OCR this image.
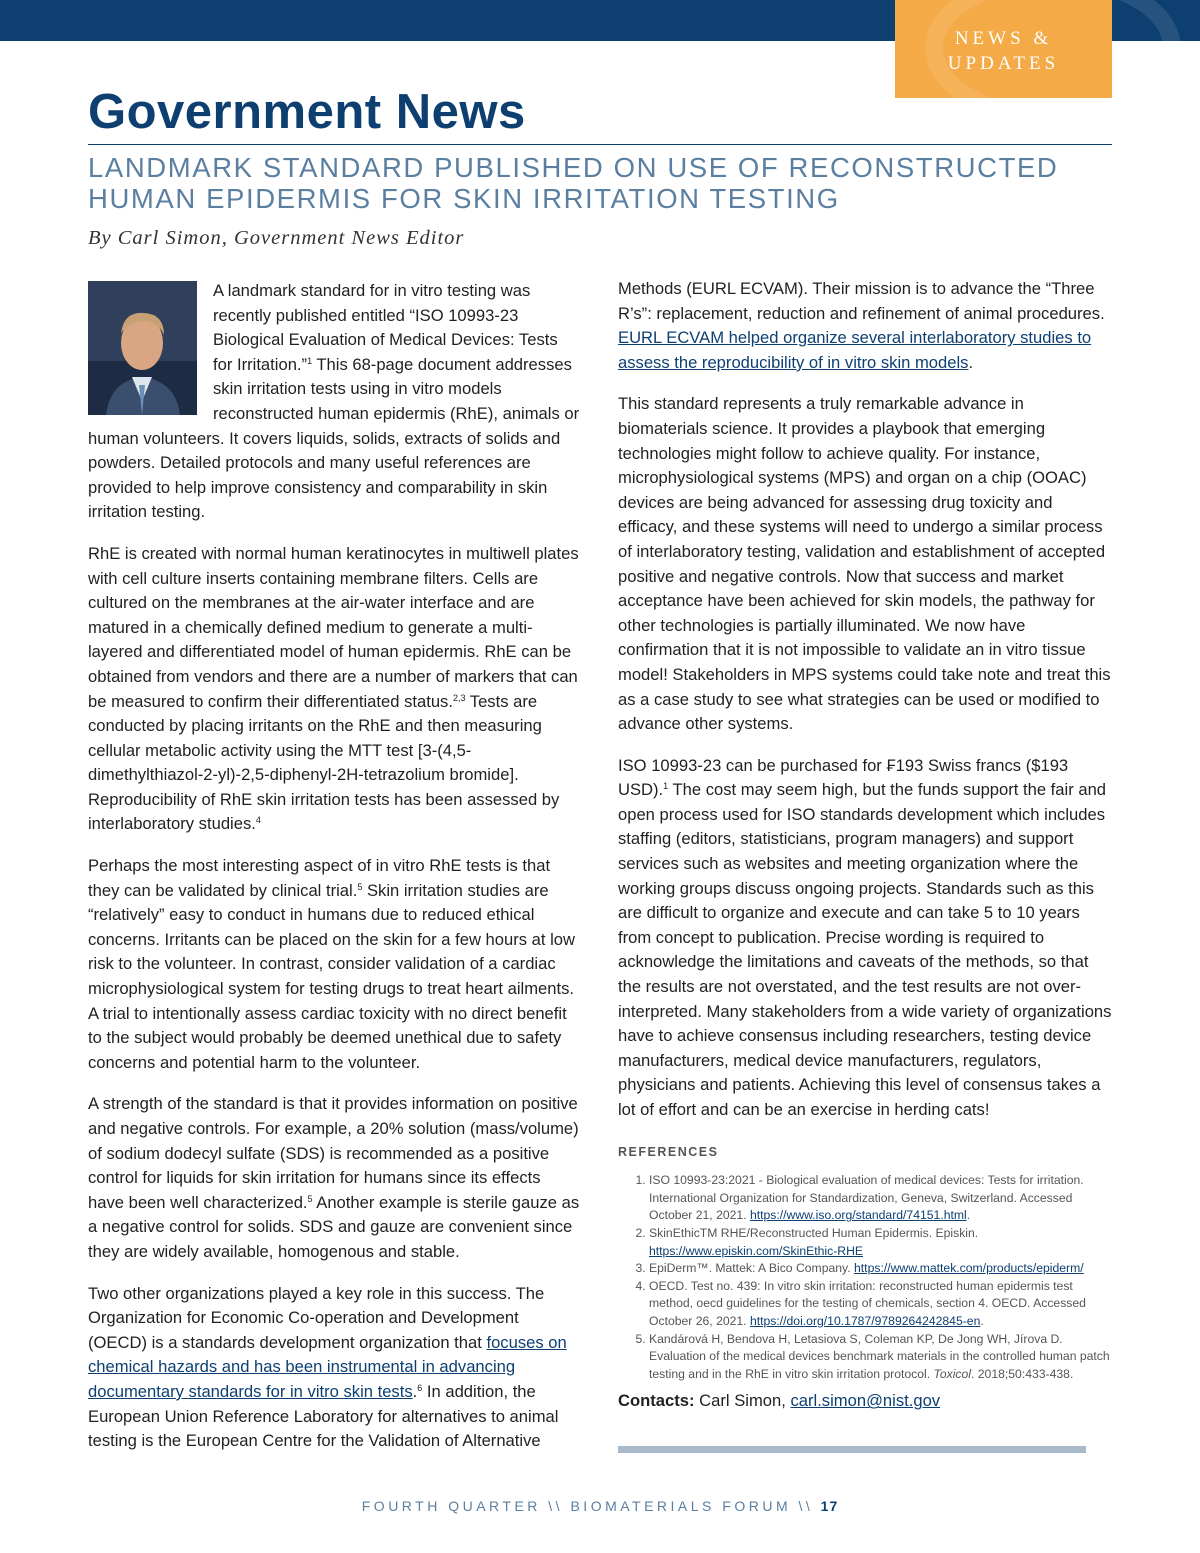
NEWS &
UPDATES
Government News
LANDMARK STANDARD PUBLISHED ON USE OF RECONSTRUCTED HUMAN EPIDERMIS FOR SKIN IRRITATION TESTING
By Carl Simon, Government News Editor

A landmark standard for in vitro testing was recently published entitled “ISO 10993-23 Biological Evaluation of Medical Devices: Tests for Irritation.”$^1$ This 68-page document addresses skin irritation tests using in vitro models reconstructed human epidermis (RhE), animals or human volunteers. It covers liquids, solids, extracts of solids and powders. Detailed protocols and many useful references are provided to help improve consistency and comparability in skin irritation testing.

RhE is created with normal human keratinocytes in multiwell plates with cell culture inserts containing membrane filters. Cells are cultured on the membranes at the air-water interface and are matured in a chemically defined medium to generate a multi-layered and differentiated model of human epidermis. RhE can be obtained from vendors and there are a number of markers that can be measured to confirm their differentiated status.$^{2,3}$ Tests are conducted by placing irritants on the RhE and then measuring cellular metabolic activity using the MTT test [3-(4,5-dimethylthiazol-2-yl)-2,5-diphenyl-2H-tetrazolium bromide]. Reproducibility of RhE skin irritation tests has been assessed by interlaboratory studies.$^4$

Perhaps the most interesting aspect of in vitro RhE tests is that they can be validated by clinical trial.$^5$ Skin irritation studies are “relatively” easy to conduct in humans due to reduced ethical concerns. Irritants can be placed on the skin for a few hours at low risk to the volunteer. In contrast, consider validation of a cardiac microphysiological system for testing drugs to treat heart ailments. A trial to intentionally assess cardiac toxicity with no direct benefit to the subject would probably be deemed unethical due to safety concerns and potential harm to the volunteer.

A strength of the standard is that it provides information on positive and negative controls. For example, a 20% solution (mass/volume) of sodium dodecyl sulfate (SDS) is recommended as a positive control for liquids for skin irritation for humans since its effects have been well characterized.$^5$ Another example is sterile gauze as a negative control for solids. SDS and gauze are convenient since they are widely available, homogenous and stable.

Two other organizations played a key role in this success. The Organization for Economic Co-operation and Development (OECD) is a standards development organization that focuses on chemical hazards and has been instrumental in advancing documentary standards for in vitro skin tests.$^6$ In addition, the European Union Reference Laboratory for alternatives to animal testing is the European Centre for the Validation of Alternative

Methods (EURL ECVAM). Their mission is to advance the “Three R’s”: replacement, reduction and refinement of animal procedures. EURL ECVAM helped organize several interlaboratory studies to assess the reproducibility of in vitro skin models.

This standard represents a truly remarkable advance in biomaterials science. It provides a playbook that emerging technologies might follow to achieve quality. For instance, microphysiological systems (MPS) and organ on a chip (OOAC) devices are being advanced for assessing drug toxicity and efficacy, and these systems will need to undergo a similar process of interlaboratory testing, validation and establishment of accepted positive and negative controls. Now that success and market acceptance have been achieved for skin models, the pathway for other technologies is partially illuminated. We now have confirmation that it is not impossible to validate an in vitro tissue model! Stakeholders in MPS systems could take note and treat this as a case study to see what strategies can be used or modified to advance other systems.

ISO 10993-23 can be purchased for ₣193 Swiss francs ($193 USD).$^1$ The cost may seem high, but the funds support the fair and open process used for ISO standards development which includes staffing (editors, statisticians, program managers) and support services such as websites and meeting organization where the working groups discuss ongoing projects. Standards such as this are difficult to organize and execute and can take 5 to 10 years from concept to publication. Precise wording is required to acknowledge the limitations and caveats of the methods, so that the results are not overstated, and the test results are not over-interpreted. Many stakeholders from a wide variety of organizations have to achieve consensus including researchers, testing device manufacturers, medical device manufacturers, regulators, physicians and patients. Achieving this level of consensus takes a lot of effort and can be an exercise in herding cats!

REFERENCES
1. ISO 10993-23:2021 - Biological evaluation of medical devices: Tests for irritation. International Organization for Standardization, Geneva, Switzerland. Accessed October 21, 2021. https://www.iso.org/standard/74151.html.
2. SkinEthicTM RHE/Reconstructed Human Epidermis. Episkin. https://www.episkin.com/SkinEthic-RHE
3. EpiDerm™. Mattek: A Bico Company. https://www.mattek.com/products/epiderm/
4. OECD. Test no. 439: In vitro skin irritation: reconstructed human epidermis test method, oecd guidelines for the testing of chemicals, section 4. OECD. Accessed October 26, 2021. https://doi.org/10.1787/9789264242845-en.
5. Kandárová H, Bendova H, Letasiova S, Coleman KP, De Jong WH, Jírova D. Evaluation of the medical devices benchmark materials in the controlled human patch testing and in the RhE in vitro skin irritation protocol. Toxicol. 2018;50:433-438.
Contacts: Carl Simon, carl.simon@nist.gov
FOURTH QUARTER \\ BIOMATERIALS FORUM \\ 17
